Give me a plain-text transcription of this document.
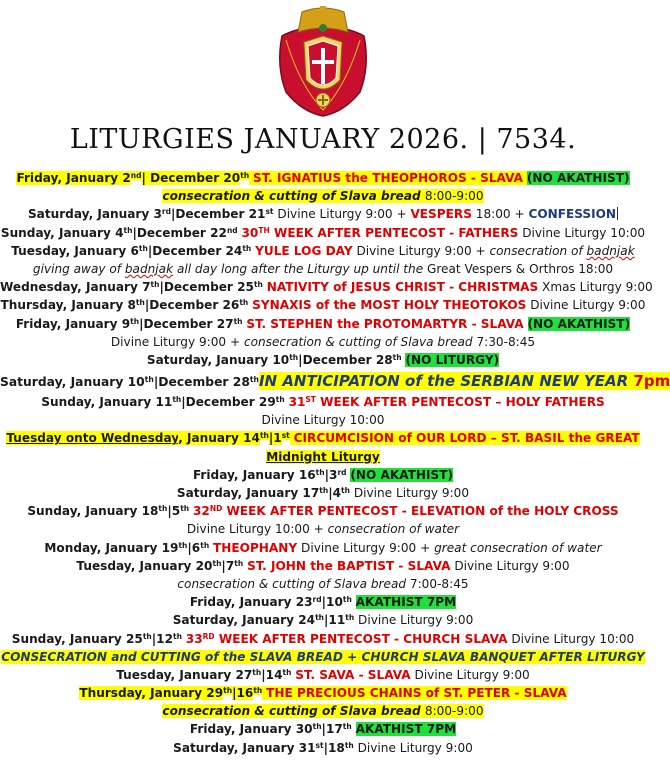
LITURGIES JANUARY 2026. | 7534.
Friday, January 2nd| December 20th ST. IGNATIUS the THEOPHOROS - SLAVA (NO AKATHIST)
consecration & cutting of Slava bread 8:00-9:00
Saturday, January 3rd|December 21st Divine Liturgy 9:00 + VESPERS 18:00 + CONFESSION
Sunday, January 4th|December 22nd 30TH WEEK AFTER PENTECOST - FATHERS Divine Liturgy 10:00
Tuesday, January 6th|December 24th YULE LOG DAY Divine Liturgy 9:00 + consecration of badnjak
giving away of badnjak all day long after the Liturgy up until the Great Vespers & Orthros 18:00
Wednesday, January 7th|December 25th NATIVITY of JESUS CHRIST - CHRISTMAS Xmas Liturgy 9:00
Thursday, January 8th|December 26th SYNAXIS of the MOST HOLY THEOTOKOS Divine Liturgy 9:00
Friday, January 9th|December 27th ST. STEPHEN the PROTOMARTYR - SLAVA (NO AKATHIST)
Divine Liturgy 9:00 + consecration & cutting of Slava bread 7:30-8:45
Saturday, January 10th|December 28th (NO LITURGY)
Saturday, January 10th|December 28thIN ANTICIPATION of the SERBIAN NEW YEAR 7pm
Sunday, January 11th|December 29th 31ST WEEK AFTER PENTECOST – HOLY FATHERS
Divine Liturgy 10:00
Tuesday onto Wednesday, January 14th|1st CIRCUMCISION of OUR LORD – ST. BASIL the GREAT
Midnight Liturgy
Friday, January 16th|3rd (NO AKATHIST)
Saturday, January 17th|4th Divine Liturgy 9:00
Sunday, January 18th|5th 32ND WEEK AFTER PENTECOST - ELEVATION of the HOLY CROSS
Divine Liturgy 10:00 + consecration of water
Monday, January 19th|6th THEOPHANY Divine Liturgy 9:00 + great consecration of water
Tuesday, January 20th|7th ST. JOHN the BAPTIST - SLAVA Divine Liturgy 9:00
consecration & cutting of Slava bread 7:00-8:45
Friday, January 23rd|10th AKATHIST 7PM
Saturday, January 24th|11th Divine Liturgy 9:00
Sunday, January 25th|12th 33RD WEEK AFTER PENTECOST - CHURCH SLAVA Divine Liturgy 10:00
CONSECRATION and CUTTING of the SLAVA BREAD + CHURCH SLAVA BANQUET AFTER LITURGY
Tuesday, January 27th|14th ST. SAVA - SLAVA Divine Liturgy 9:00
Thursday, January 29th|16th THE PRECIOUS CHAINS of ST. PETER - SLAVA
consecration & cutting of Slava bread 8:00-9:00
Friday, January 30th|17th AKATHIST 7PM
Saturday, January 31st|18th Divine Liturgy 9:00
